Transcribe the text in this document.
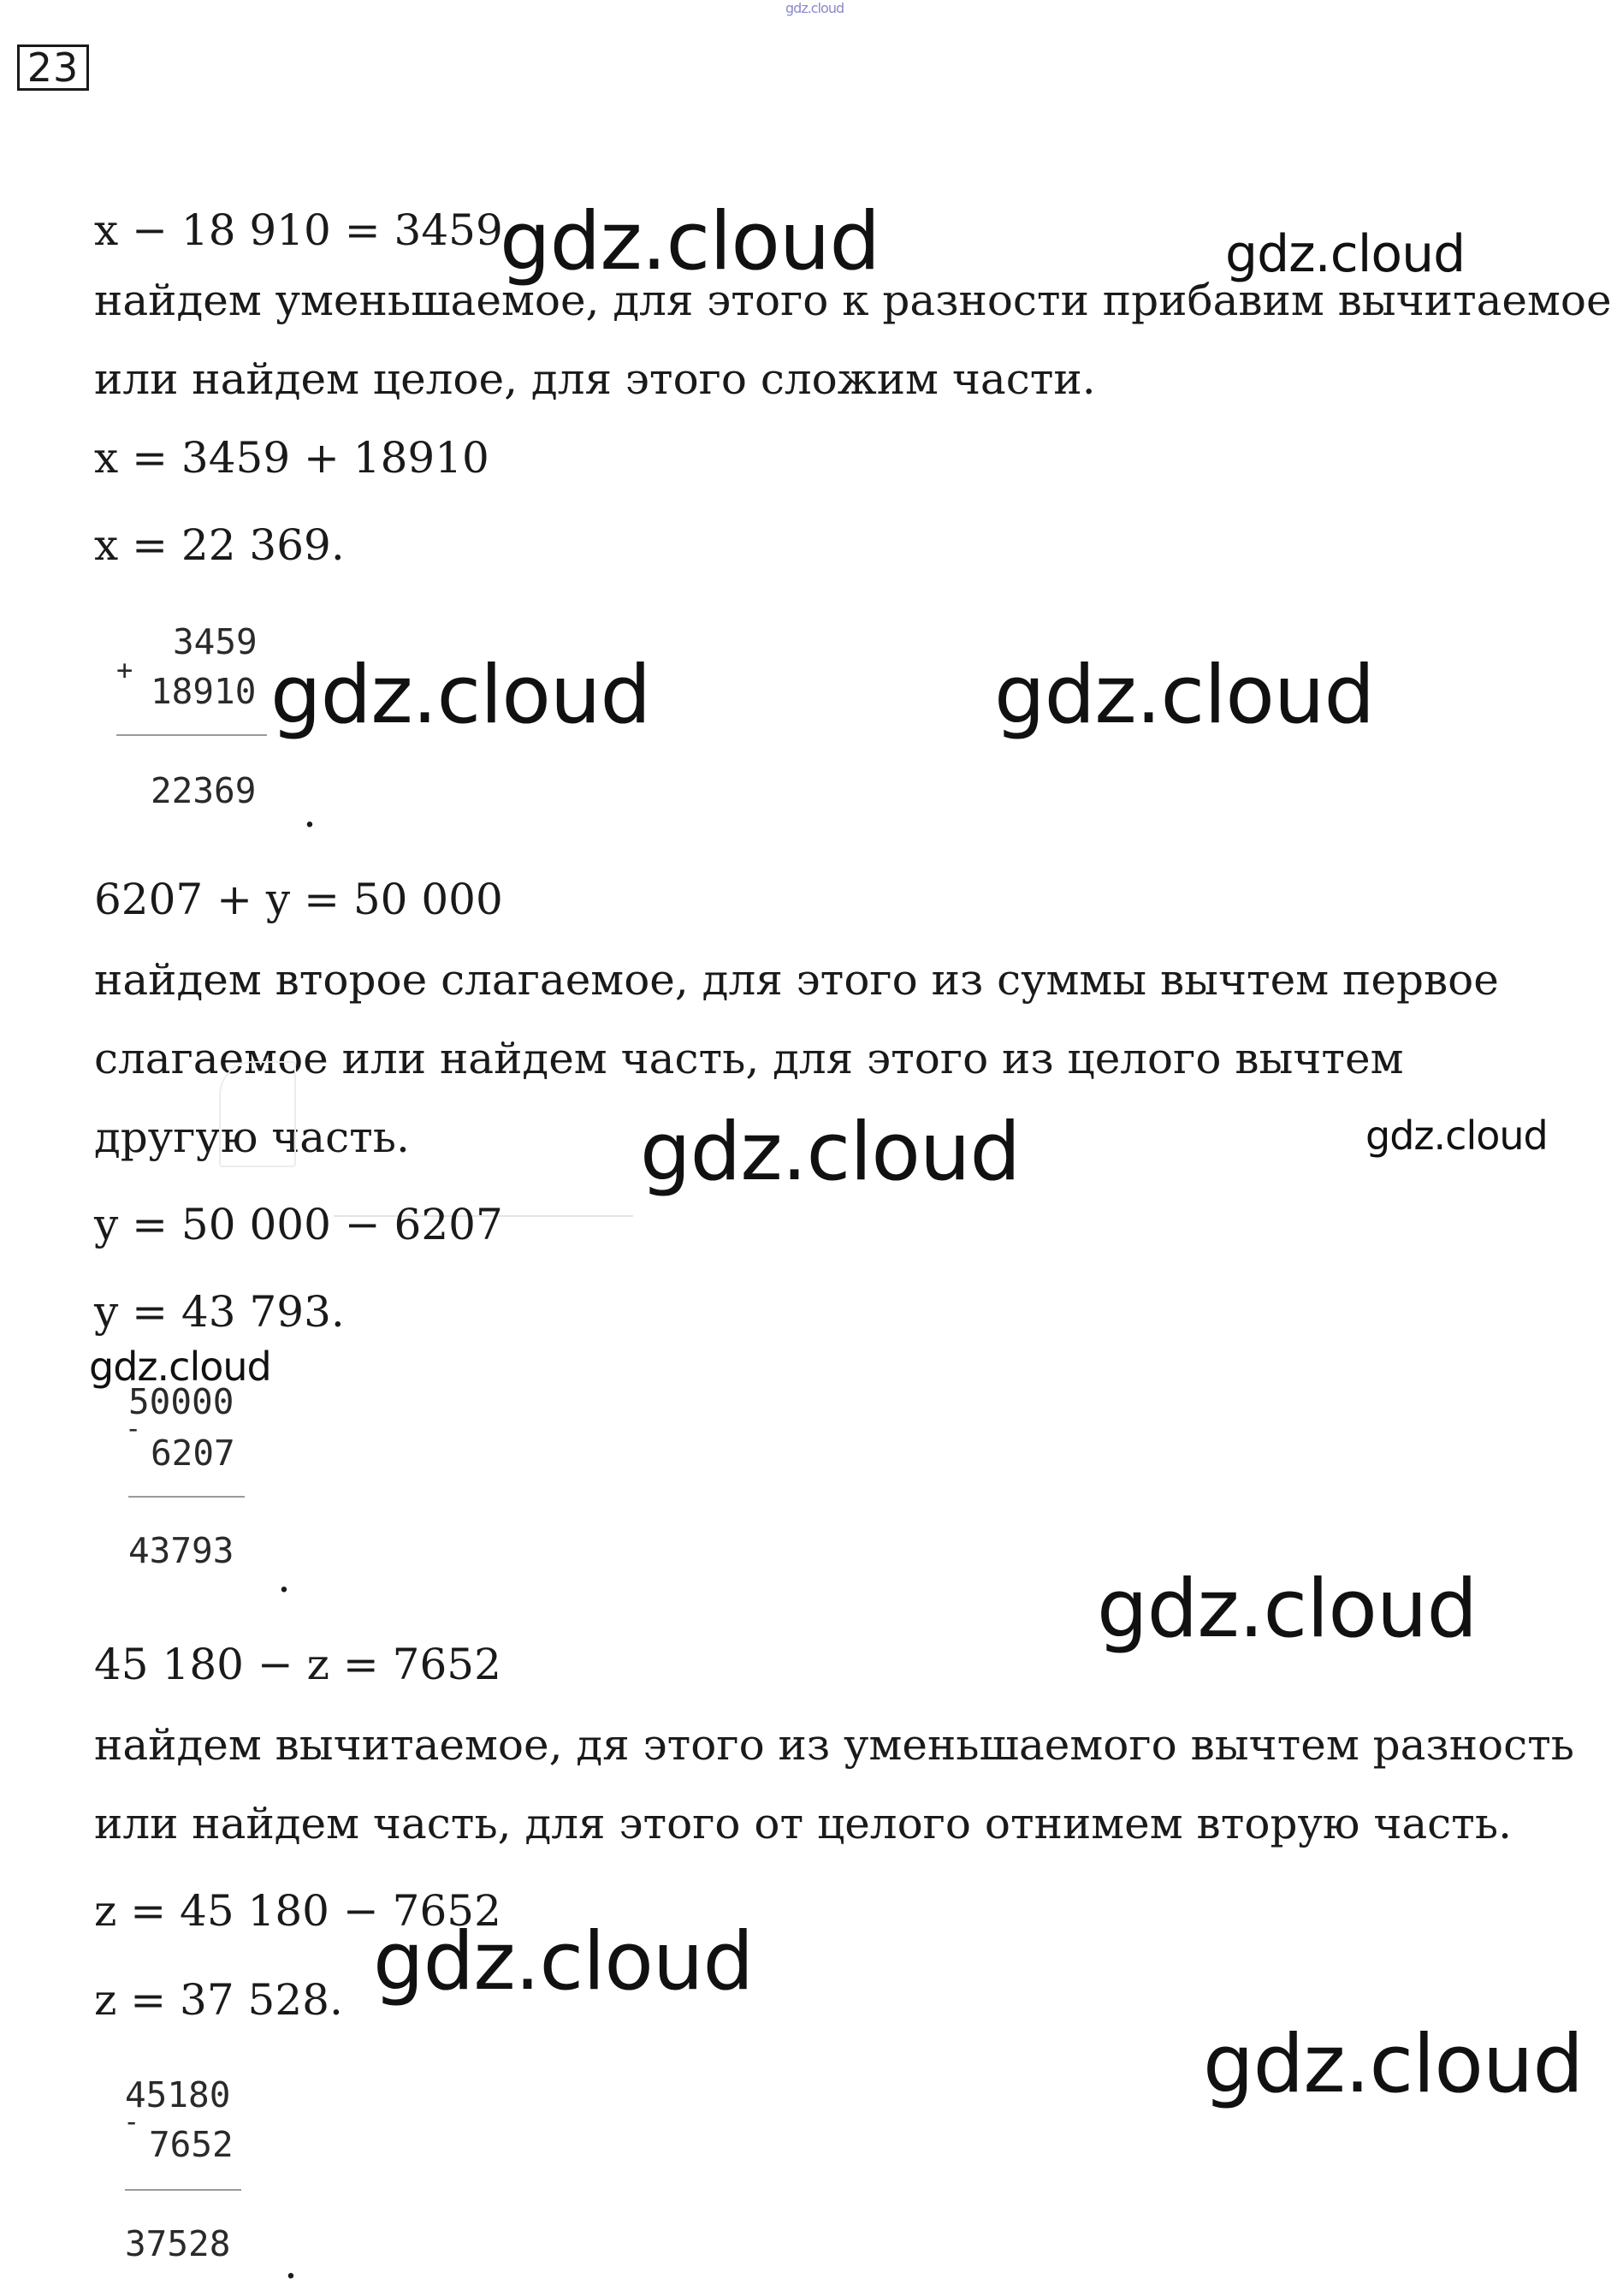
gdz.cloud
23
x − 18 910 = 3459
найдем уменьшаемое, для этого к разности прибавим вычитаемое
или найдем целое, для этого сложим части.
x = 3459 + 18910
x = 22 369.
+
3459
18910
22369 .
6207 + y = 50 000
найдем второе слагаемое, для этого из суммы вычтем первое
слагаемое или найдем часть, для этого из целого вычтем
другую часть.
y = 50 000 − 6207
y = 43 793.
-
50000
6207
43793
.
45 180 − z = 7652
найдем вычитаемое, дя этого из уменьшаемого вычтем разность
или найдем часть, для этого от целого отнимем вторую часть.
z = 45 180 − 7652
z = 37 528.
-
45180
7652
37528 .
gdz.cloud	gdz.cloud
gdz.cloud	gdz.cloud
gdz.cloud	gdz.cloud
gdz.cloud
gdz.cloud
gdz.cloud
gdz.cloud
